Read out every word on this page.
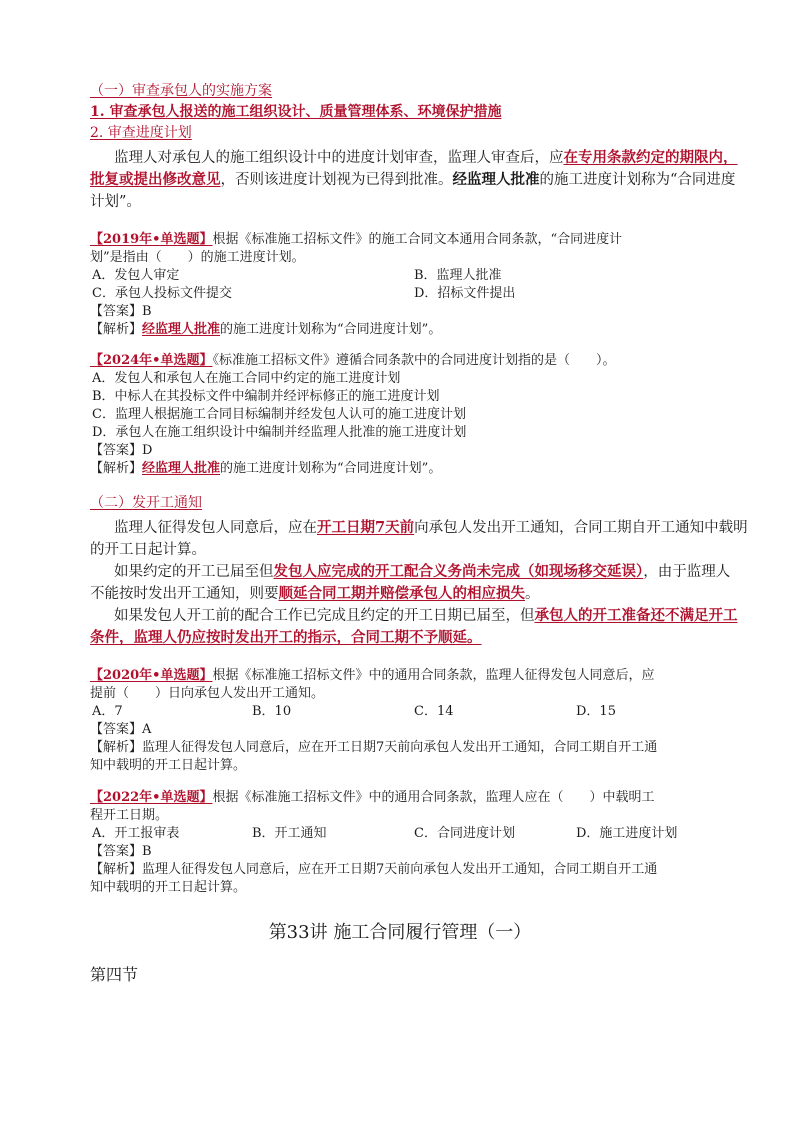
（一）审查承包人的实施方案
1. 审查承包人报送的施工组织设计、质量管理体系、环境保护措施
2. 审查进度计划
监理人对承包人的施工组织设计中的进度计划审查，监理人审查后，应在专用条款约定的期限内，
批复或提出修改意见，否则该进度计划视为已得到批准。经监理人批准的施工进度计划称为“合同进度
计划”。
【2019年•单选题】根据《标准施工招标文件》的施工合同文本通用合同条款，“合同进度计
划”是指由（　　）的施工进度计划。
A．发包人审定	B．监理人批准
C．承包人投标文件提交	D．招标文件提出
【答案】B
【解析】经监理人批准的施工进度计划称为“合同进度计划”。
【2024年•单选题】《标准施工招标文件》遵循合同条款中的合同进度计划指的是（　　）。
A．发包人和承包人在施工合同中约定的施工进度计划
B．中标人在其投标文件中编制并经评标修正的施工进度计划
C．监理人根据施工合同目标编制并经发包人认可的施工进度计划
D．承包人在施工组织设计中编制并经监理人批准的施工进度计划
【答案】D
【解析】经监理人批准的施工进度计划称为“合同进度计划”。
（二）发开工通知
监理人征得发包人同意后，应在开工日期7天前向承包人发出开工通知，合同工期自开工通知中载明
的开工日起计算。
如果约定的开工已届至但发包人应完成的开工配合义务尚未完成（如现场移交延误），由于监理人
不能按时发出开工通知，则要顺延合同工期并赔偿承包人的相应损失。
如果发包人开工前的配合工作已完成且约定的开工日期已届至，但承包人的开工准备还不满足开工
条件，监理人仍应按时发出开工的指示，合同工期不予顺延。
【2020年•单选题】根据《标准施工招标文件》中的通用合同条款，监理人征得发包人同意后，应
提前（　　）日向承包人发出开工通知。
A．7	B．10	C．14	D．15
【答案】A
【解析】监理人征得发包人同意后，应在开工日期7天前向承包人发出开工通知，合同工期自开工通
知中载明的开工日起计算。
【2022年•单选题】根据《标准施工招标文件》中的通用合同条款，监理人应在（　　）中载明工
程开工日期。
A．开工报审表	B．开工通知	C．合同进度计划	D．施工进度计划
【答案】B
【解析】监理人征得发包人同意后，应在开工日期7天前向承包人发出开工通知，合同工期自开工通
知中载明的开工日起计算。
第33讲 施工合同履行管理（一）
第四节
